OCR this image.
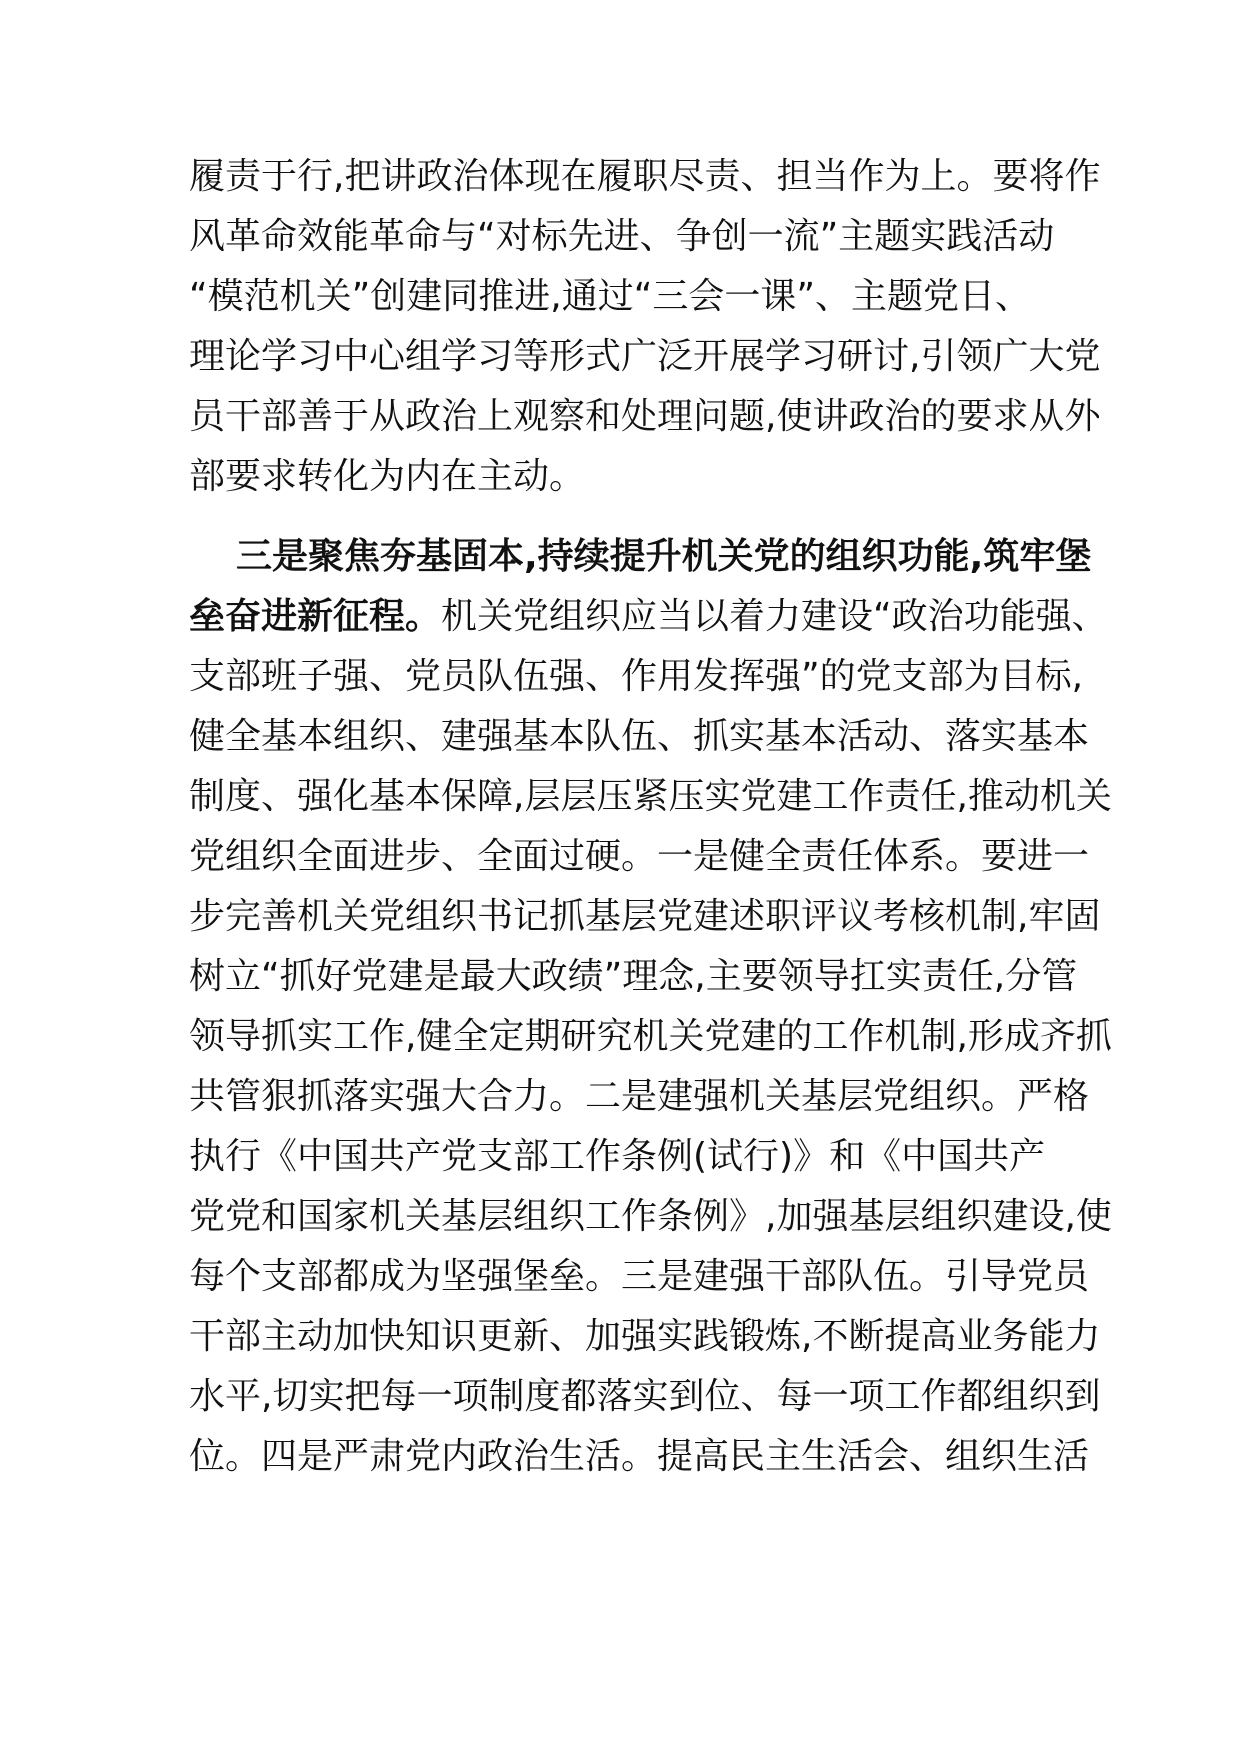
履责于行,把讲政治体现在履职尽责、担当作为上。要将作
风革命效能革命与“对标先进、争创一流”主题实践活动
“模范机关”创建同推进,通过“三会一课”、主题党日、
理论学习中心组学习等形式广泛开展学习研讨,引领广大党
员干部善于从政治上观察和处理问题,使讲政治的要求从外
部要求转化为内在主动。
三是聚焦夯基固本,持续提升机关党的组织功能,筑牢堡
垒奋进新征程。机关党组织应当以着力建设“政治功能强、
支部班子强、党员队伍强、作用发挥强”的党支部为目标,
健全基本组织、建强基本队伍、抓实基本活动、落实基本
制度、强化基本保障,层层压紧压实党建工作责任,推动机关
党组织全面进步、全面过硬。一是健全责任体系。要进一
步完善机关党组织书记抓基层党建述职评议考核机制,牢固
树立“抓好党建是最大政绩”理念,主要领导扛实责任,分管
领导抓实工作,健全定期研究机关党建的工作机制,形成齐抓
共管狠抓落实强大合力。二是建强机关基层党组织。严格
执行《中国共产党支部工作条例(试行)》和《中国共产
党党和国家机关基层组织工作条例》,加强基层组织建设,使
每个支部都成为坚强堡垒。三是建强干部队伍。引导党员
干部主动加快知识更新、加强实践锻炼,不断提高业务能力
水平,切实把每一项制度都落实到位、每一项工作都组织到
位。四是严肃党内政治生活。提高民主生活会、组织生活
